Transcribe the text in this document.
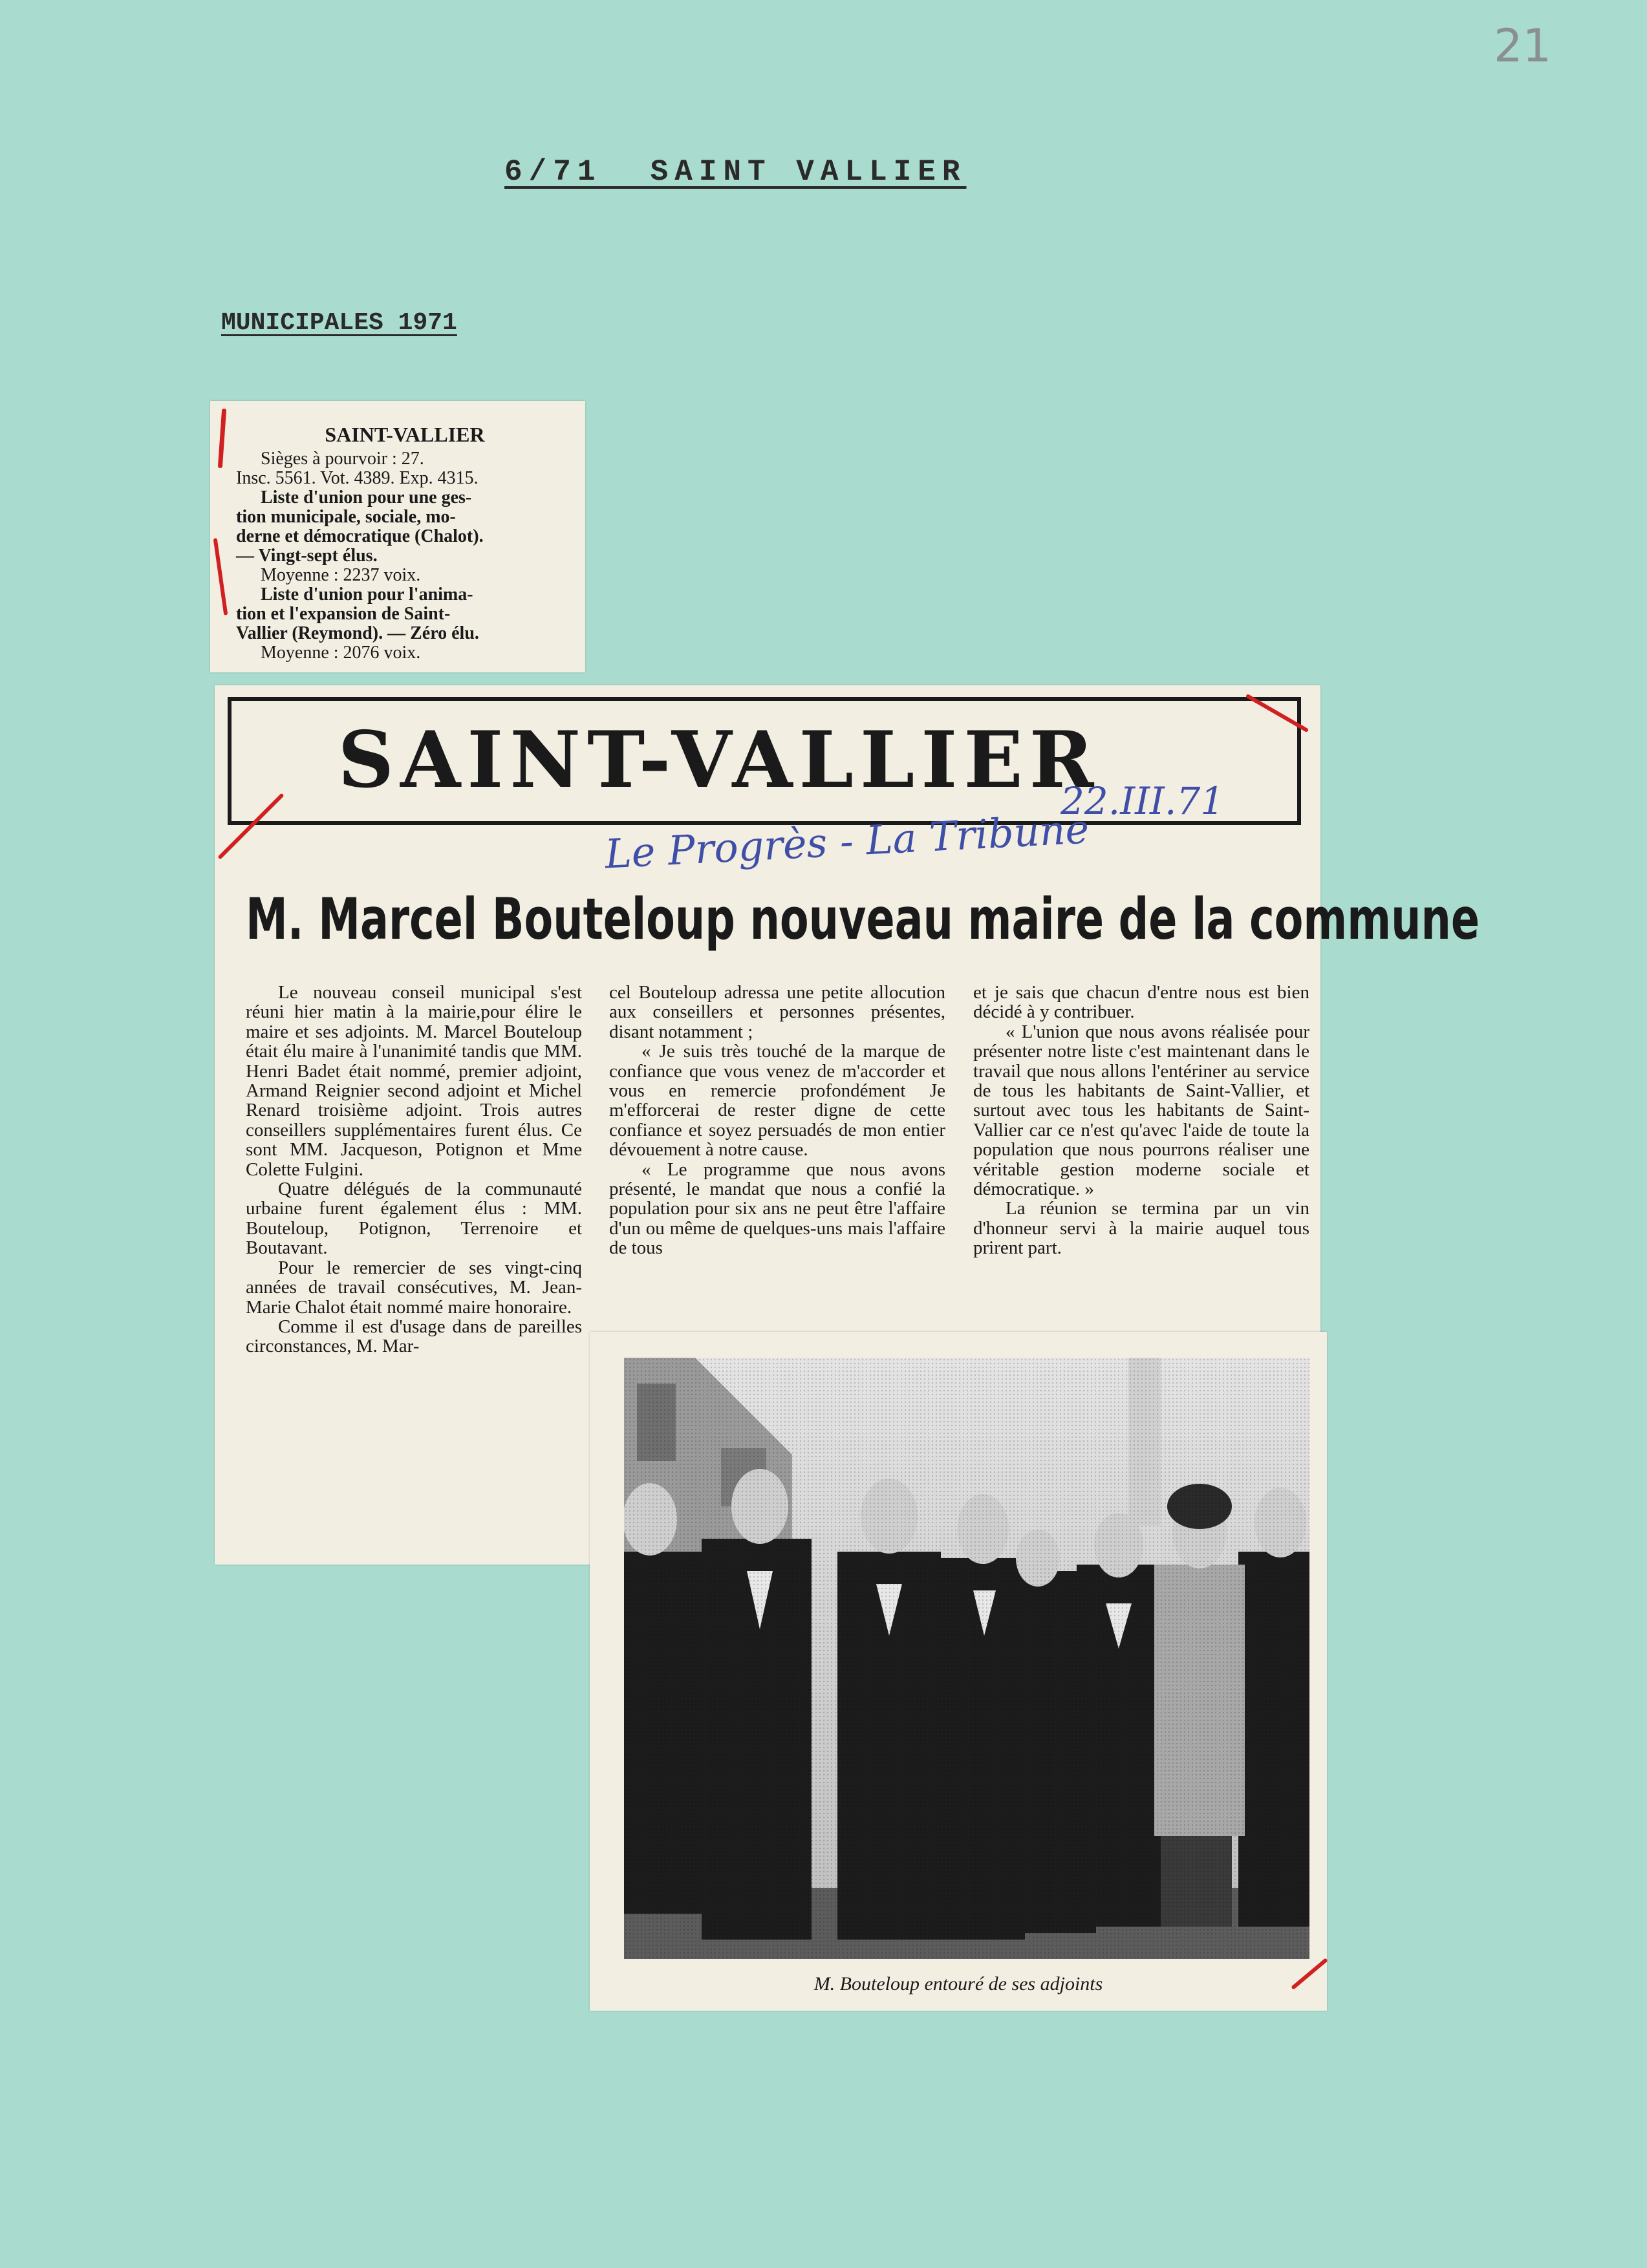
21
6/71  SAINT VALLIER
MUNICIPALES 1971
SAINT-VALLIER
Sièges à pourvoir : 27.
Insc. 5561. Vot. 4389. Exp. 4315.
Liste d'union pour une ges-
tion municipale, sociale, mo-
derne et démocratique (Chalot).
— Vingt-sept élus.
Moyenne : 2237 voix.
Liste d'union pour l'anima-
tion et l'expansion de Saint-
Vallier (Reymond). — Zéro élu.
Moyenne : 2076 voix.
SAINT-VALLIER
22.III.71
Le Progrès - La Tribune
M. Marcel Bouteloup nouveau maire de la commune

Le nouveau conseil municipal s'est réuni hier matin à la mairie,pour élire le maire et ses adjoints. M. Marcel Bouteloup était élu maire à l'unanimité tandis que MM. Henri Badet était nommé, premier adjoint, Armand Reignier second adjoint et Michel Renard troisième adjoint. Trois autres conseillers supplémentaires furent élus. Ce sont MM. Jacqueson, Potignon et Mme Colette Fulgini.

Quatre délégués de la communauté urbaine furent également élus : MM. Bouteloup, Potignon, Terrenoire et Boutavant.

Pour le remercier de ses vingt-cinq années de travail consécutives, M. Jean-Marie Chalot était nommé maire honoraire.

Comme il est d'usage dans de pareilles circonstances, M. Mar-

cel Bouteloup adressa une petite allocution aux conseillers et personnes présentes, disant notamment ;

« Je suis très touché de la marque de confiance que vous venez de m'accorder et vous en remercie profondément Je m'efforcerai de rester digne de cette confiance et soyez persuadés de mon entier dévouement à notre cause.

« Le programme que nous avons présenté, le mandat que nous a confié la population pour six ans ne peut être l'affaire d'un ou même de quelques-uns mais l'affaire de tous

et je sais que chacun d'entre nous est bien décidé à y contribuer.

« L'union que nous avons réalisée pour présenter notre liste c'est maintenant dans le travail que nous allons l'entériner au service de tous les habitants de Saint-Vallier, et surtout avec tous les habitants de Saint-Vallier car ce n'est qu'avec l'aide de toute la population que nous pourrons réaliser une véritable gestion moderne sociale et démocratique. »

La réunion se termina par un vin d'honneur servi à la mairie auquel tous prirent part.

M. Bouteloup entouré de ses adjoints
